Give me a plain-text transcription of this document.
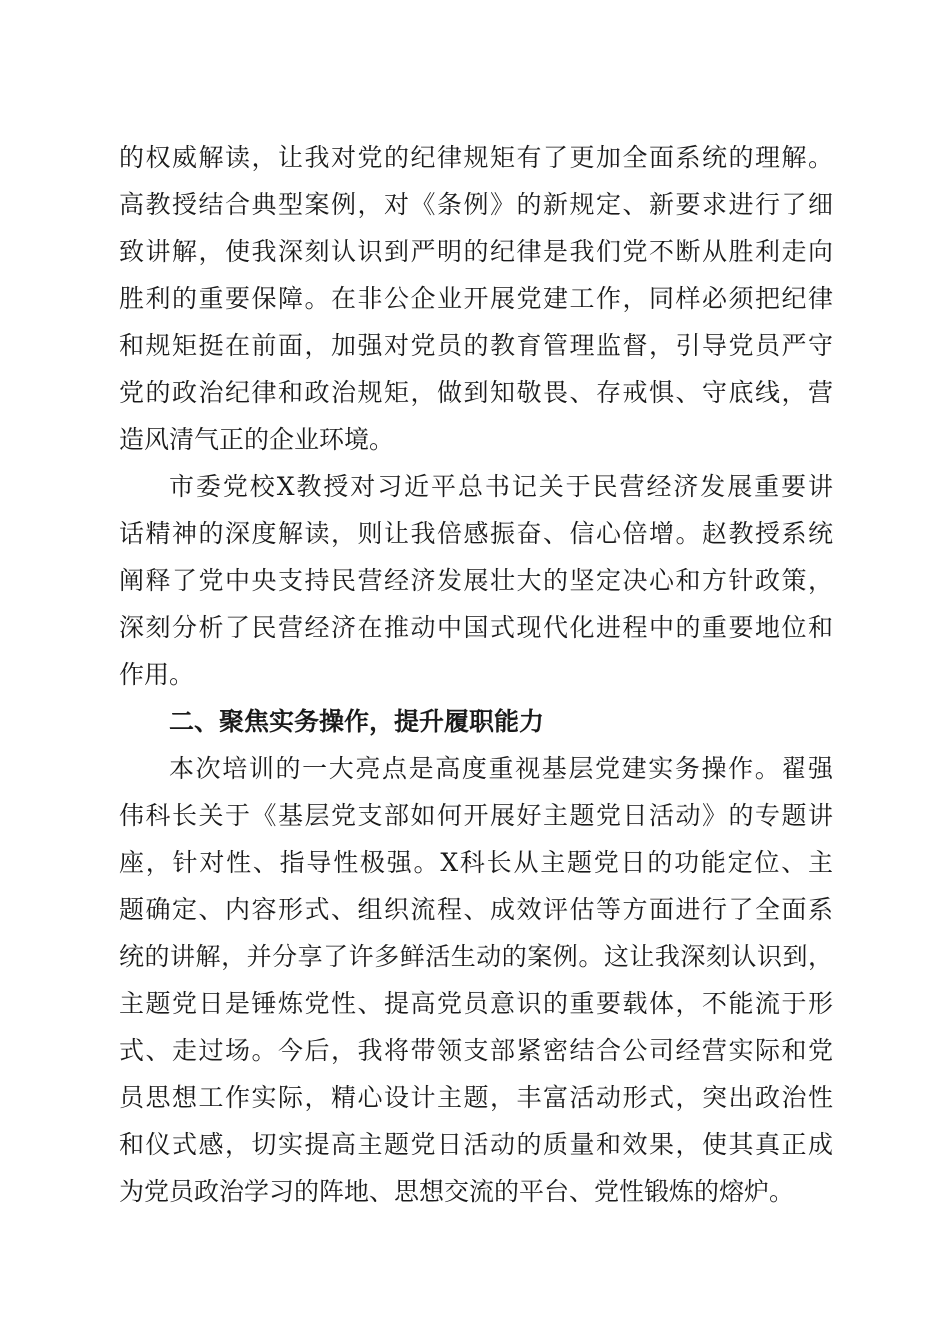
的权威解读，让我对党的纪律规矩有了更加全面系统的理解。
高教授结合典型案例，对《条例》的新规定、新要求进行了细
致讲解，使我深刻认识到严明的纪律是我们党不断从胜利走向
胜利的重要保障。在非公企业开展党建工作，同样必须把纪律
和规矩挺在前面，加强对党员的教育管理监督，引导党员严守
党的政治纪律和政治规矩，做到知敬畏、存戒惧、守底线，营
造风清气正的企业环境。
市委党校X教授对习近平总书记关于民营经济发展重要讲
话精神的深度解读，则让我倍感振奋、信心倍增。赵教授系统
阐释了党中央支持民营经济发展壮大的坚定决心和方针政策，
深刻分析了民营经济在推动中国式现代化进程中的重要地位和
作用。
二、聚焦实务操作，提升履职能力
本次培训的一大亮点是高度重视基层党建实务操作。翟强
伟科长关于《基层党支部如何开展好主题党日活动》的专题讲
座，针对性、指导性极强。X科长从主题党日的功能定位、主
题确定、内容形式、组织流程、成效评估等方面进行了全面系
统的讲解，并分享了许多鲜活生动的案例。这让我深刻认识到，
主题党日是锤炼党性、提高党员意识的重要载体，不能流于形
式、走过场。今后，我将带领支部紧密结合公司经营实际和党
员思想工作实际，精心设计主题，丰富活动形式，突出政治性
和仪式感，切实提高主题党日活动的质量和效果，使其真正成
为党员政治学习的阵地、思想交流的平台、党性锻炼的熔炉。
